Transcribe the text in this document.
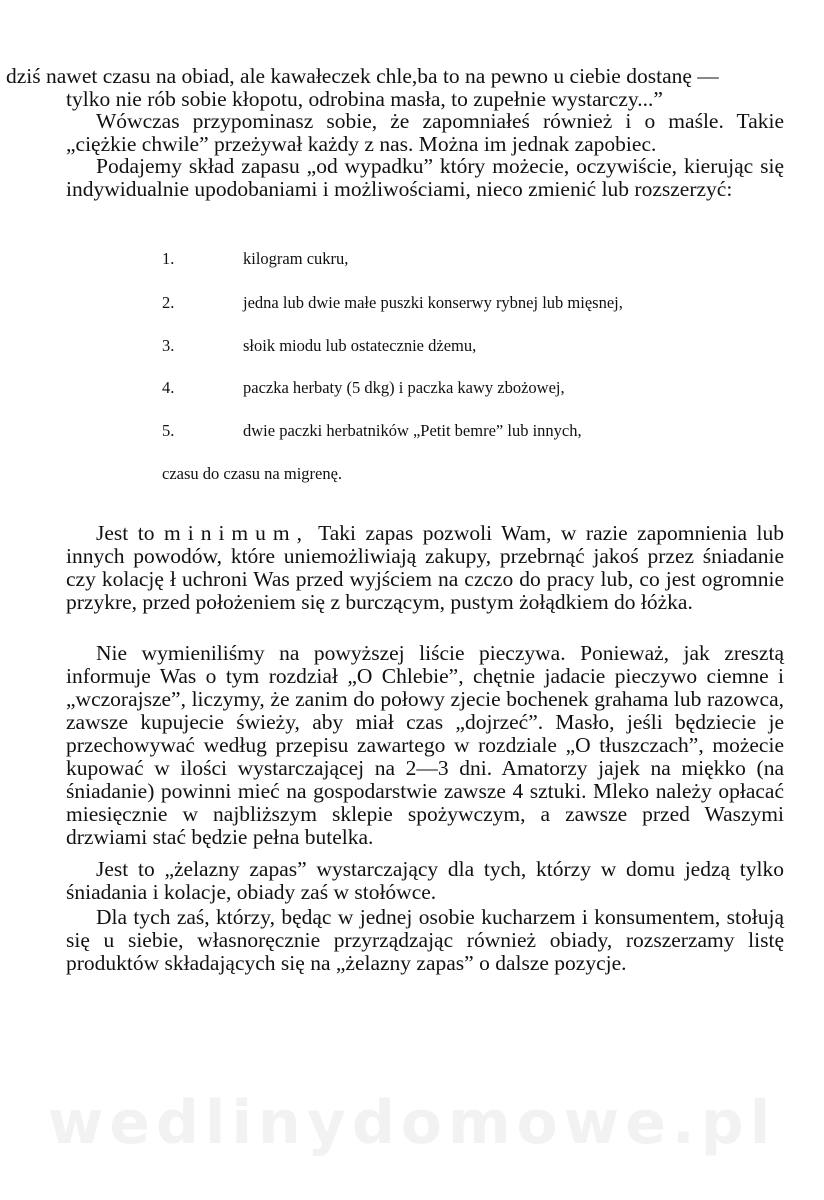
dziś nawet czasu na obiad, ale kawałeczek chle,ba to na pewno u ciebie dostanę —
tylko nie rób sobie kłopotu, odrobina masła, to zupełnie wystarczy...”
Wówczas przypominasz sobie, że zapomniałeś również i o maśle. Takie „ciężkie chwile” przeżywał każdy z nas. Można im jednak zapobiec.
Podajemy skład zapasu „od wypadku” który możecie, oczywiście, kierując się indywidualnie upodobaniami i możliwościami, nieco zmienić lub rozszerzyć:
1.	kilogram cukru,
2.	jedna lub dwie małe puszki konserwy rybnej lub mięsnej,
3.	słoik miodu lub ostatecznie dżemu,
4.	paczka herbaty (5 dkg) i paczka kawy zbożowej,
5.	dwie paczki herbatników „Petit bemre” lub innych,
czasu do czasu na migrenę.
Jest to minimum, Taki zapas pozwoli Wam, w razie zapomnienia lub innych powodów, które uniemożliwiają zakupy, przebrnąć jakoś przez śniadanie czy kolację ł uchroni Was przed wyjściem na czczo do pracy lub, co jest ogromnie przykre, przed położeniem się z burczącym, pustym żołądkiem do łóżka.
Nie wymieniliśmy na powyższej liście pieczywa. Ponieważ, jak zresztą informuje Was o tym rozdział „O Chlebie”, chętnie jadacie pieczywo ciemne i „wczorajsze”, liczymy, że zanim do połowy zjecie bochenek grahama lub razowca, zawsze kupujecie świeży, aby miał czas „dojrzeć”. Masło, jeśli będziecie je przechowywać według przepisu zawartego w rozdziale „O tłuszczach”, możecie kupować w ilości wystarczającej na 2—3 dni. Amatorzy jajek na miękko (na śniadanie) powinni mieć na gospodarstwie zawsze 4 sztuki. Mleko należy opłacać miesięcznie w najbliższym sklepie spożywczym, a zawsze przed Waszymi drzwiami stać będzie pełna butelka.
Jest to „żelazny zapas” wystarczający dla tych, którzy w domu jedzą tylko śniadania i kolacje, obiady zaś w stołówce.
Dla tych zaś, którzy, będąc w jednej osobie kucharzem i konsumentem, stołują się u siebie, własnoręcznie przyrządzając również obiady, rozszerzamy listę produktów składających się na „żelazny zapas” o dalsze pozycje.
wedlinydomowe.pl
